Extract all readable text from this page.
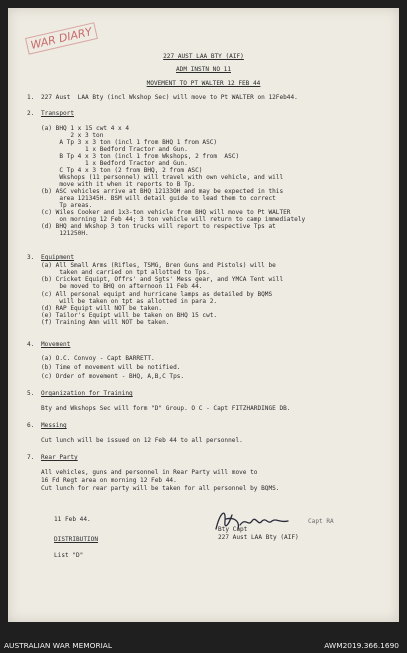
WAR DIARY
227 AUST LAA BTY (AIF)
ADM INSTN NO 11
MOVEMENT TO PT WALTER 12 FEB 44
1. 227 Aust  LAA Bty (incl Wkshop Sec) will move to Pt WALTER on 12Feb44.
2. Transport
(a) BHQ 1 x 15 cwt 4 x 4
2 x 3 ton
A Tp 3 x 3 ton (incl 1 from BHQ 1 from ASC)
1 x Bedford Tractor and Gun.
B Tp 4 x 3 ton (incl 1 from Wkshops, 2 from  ASC)
1 x Bedford Tractor and Gun.
C Tp 4 x 3 ton (2 from BHQ, 2 from ASC)
Wkshops (11 personnel) will travel with own vehicle, and will
move with it when it reports to B Tp.
(b) ASC vehicles arrive at BHQ 12133OH and may be expected in this
area 121345H. BSM will detail guide to lead them to correct
Tp areas.
(c) Wiles Cooker and 1x3-ton vehicle from BHQ will move to Pt WALTER
on morning 12 Feb 44; 3 ton vehicle will return to camp immediately
(d) BHQ and Wkshop 3 ton trucks will report to respective Tps at
121250H.
3. Equipment
(a) All Small Arms (Rifles, TSMG, Bren Guns and Pistols) will be
taken and carried on tpt allotted to Tps.
(b) Cricket Equipt, Offrs' and Sgts' Mess gear, and YMCA Tent will
be moved to BHQ on afternoon 11 Feb 44.
(c) All personal equipt and hurricane lamps as detailed by BQMS
will be taken on tpt as allotted in para 2.
(d) RAP Equipt will NOT be taken.
(e) Tailor's Equipt will be taken on BHQ 15 cwt.
(f) Training Amn will NOT be taken.
4. Movement
(a) O.C. Convoy - Capt BARRETT.
(b) Time of movement will be notified.
(c) Order of movement - BHQ, A,B,C Tps.
5. Organization for Training
Bty and Wkshops Sec will form "D" Group. O C - Capt FITZHARDINGE DB.
6. Messing
Cut lunch will be issued on 12 Feb 44 to all personnel.
7. Rear Party
All vehicles, guns and personnel in Rear Party will move to
16 Fd Regt area on morning 12 Feb 44.
Cut lunch for rear party will be taken for all personnel by BQMS.
11 Feb 44.	Capt RA
Bty Capt
227 Aust LAA Bty (AIF)
DISTRIBUTION
List "D"
AUSTRALIAN WAR MEMORIAL	AWM2019.366.1690
